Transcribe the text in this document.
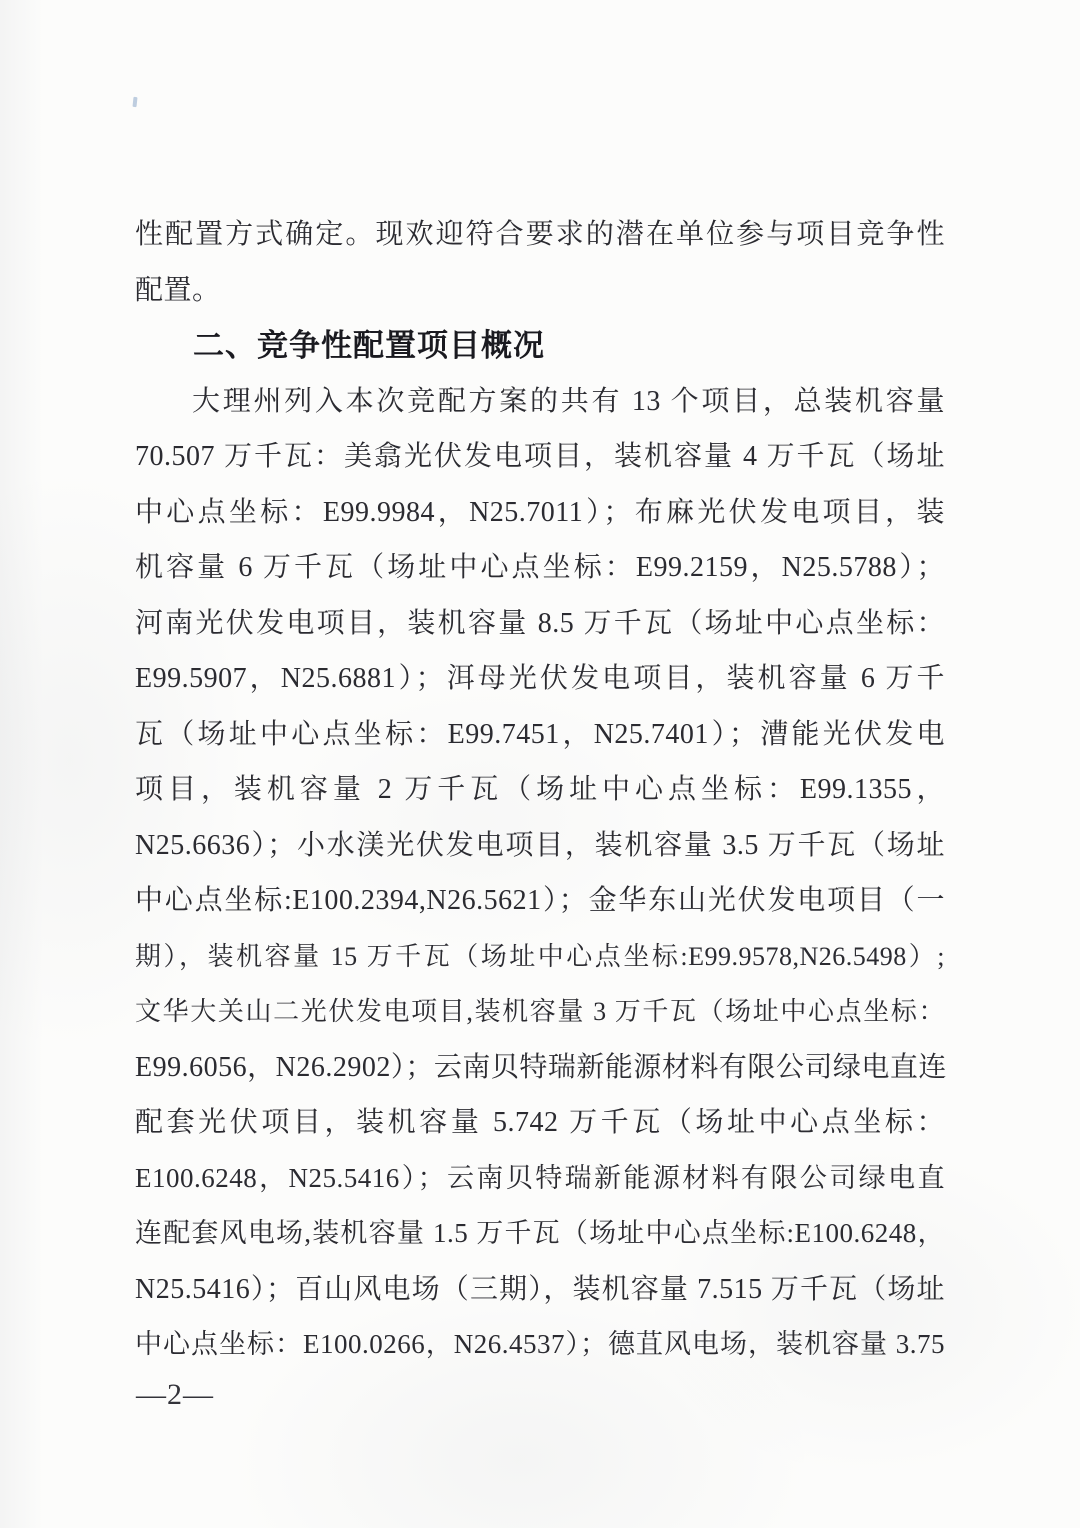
性配置方式确定。现欢迎符合要求的潜在单位参与项目竞争性

配置。

二、竞争性配置项目概况

大理州列入本次竞配方案的共有 13 个项目，总装机容量

70.507 万千瓦：美翕光伏发电项目，装机容量 4 万千瓦（场址

中心点坐标：E99.9984，N25.7011）；布麻光伏发电项目，装

机容量 6 万千瓦（场址中心点坐标：E99.2159，N25.5788）；

河南光伏发电项目，装机容量 8.5 万千瓦（场址中心点坐标：

E99.5907，N25.6881）；洱母光伏发电项目，装机容量 6 万千

瓦（场址中心点坐标：E99.7451，N25.7401）；漕能光伏发电

项目，装机容量 2 万千瓦（场址中心点坐标：E99.1355，

N25.6636）；小水渼光伏发电项目，装机容量 3.5 万千瓦（场址

中心点坐标:E100.2394,N26.5621）；金华东山光伏发电项目（一

期），装机容量 15 万千瓦（场址中心点坐标:E99.9578,N26.5498）;

文华大关山二光伏发电项目,装机容量 3 万千瓦（场址中心点坐标：

E99.6056，N26.2902）；云南贝特瑞新能源材料有限公司绿电直连

配套光伏项目，装机容量 5.742 万千瓦（场址中心点坐标：

E100.6248，N25.5416）；云南贝特瑞新能源材料有限公司绿电直

连配套风电场,装机容量 1.5 万千瓦（场址中心点坐标:E100.6248，

N25.5416）；百山风电场（三期），装机容量 7.515 万千瓦（场址

中心点坐标：E100.0266，N26.4537）；德苴风电场，装机容量 3.75

—2—
